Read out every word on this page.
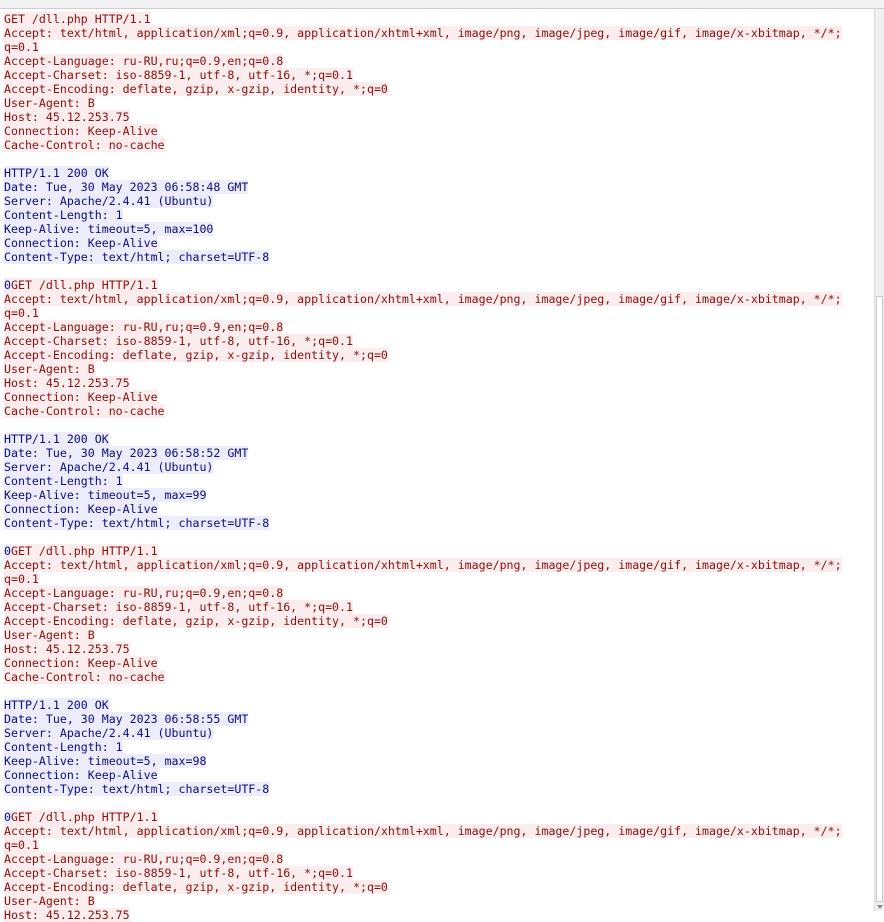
GET /dll.php HTTP/1.1
Accept: text/html, application/xml;q=0.9, application/xhtml+xml, image/png, image/jpeg, image/gif, image/x-xbitmap, */*;
q=0.1
Accept-Language: ru-RU,ru;q=0.9,en;q=0.8
Accept-Charset: iso-8859-1, utf-8, utf-16, *;q=0.1
Accept-Encoding: deflate, gzip, x-gzip, identity, *;q=0
User-Agent: B
Host: 45.12.253.75
Connection: Keep-Alive
Cache-Control: no-cache
HTTP/1.1 200 OK
Date: Tue, 30 May 2023 06:58:48 GMT
Server: Apache/2.4.41 (Ubuntu)
Content-Length: 1
Keep-Alive: timeout=5, max=100
Connection: Keep-Alive
Content-Type: text/html; charset=UTF-8
0GET /dll.php HTTP/1.1
Accept: text/html, application/xml;q=0.9, application/xhtml+xml, image/png, image/jpeg, image/gif, image/x-xbitmap, */*;
q=0.1
Accept-Language: ru-RU,ru;q=0.9,en;q=0.8
Accept-Charset: iso-8859-1, utf-8, utf-16, *;q=0.1
Accept-Encoding: deflate, gzip, x-gzip, identity, *;q=0
User-Agent: B
Host: 45.12.253.75
Connection: Keep-Alive
Cache-Control: no-cache
HTTP/1.1 200 OK
Date: Tue, 30 May 2023 06:58:52 GMT
Server: Apache/2.4.41 (Ubuntu)
Content-Length: 1
Keep-Alive: timeout=5, max=99
Connection: Keep-Alive
Content-Type: text/html; charset=UTF-8
0GET /dll.php HTTP/1.1
Accept: text/html, application/xml;q=0.9, application/xhtml+xml, image/png, image/jpeg, image/gif, image/x-xbitmap, */*;
q=0.1
Accept-Language: ru-RU,ru;q=0.9,en;q=0.8
Accept-Charset: iso-8859-1, utf-8, utf-16, *;q=0.1
Accept-Encoding: deflate, gzip, x-gzip, identity, *;q=0
User-Agent: B
Host: 45.12.253.75
Connection: Keep-Alive
Cache-Control: no-cache
HTTP/1.1 200 OK
Date: Tue, 30 May 2023 06:58:55 GMT
Server: Apache/2.4.41 (Ubuntu)
Content-Length: 1
Keep-Alive: timeout=5, max=98
Connection: Keep-Alive
Content-Type: text/html; charset=UTF-8
0GET /dll.php HTTP/1.1
Accept: text/html, application/xml;q=0.9, application/xhtml+xml, image/png, image/jpeg, image/gif, image/x-xbitmap, */*;
q=0.1
Accept-Language: ru-RU,ru;q=0.9,en;q=0.8
Accept-Charset: iso-8859-1, utf-8, utf-16, *;q=0.1
Accept-Encoding: deflate, gzip, x-gzip, identity, *;q=0
User-Agent: B
Host: 45.12.253.75
